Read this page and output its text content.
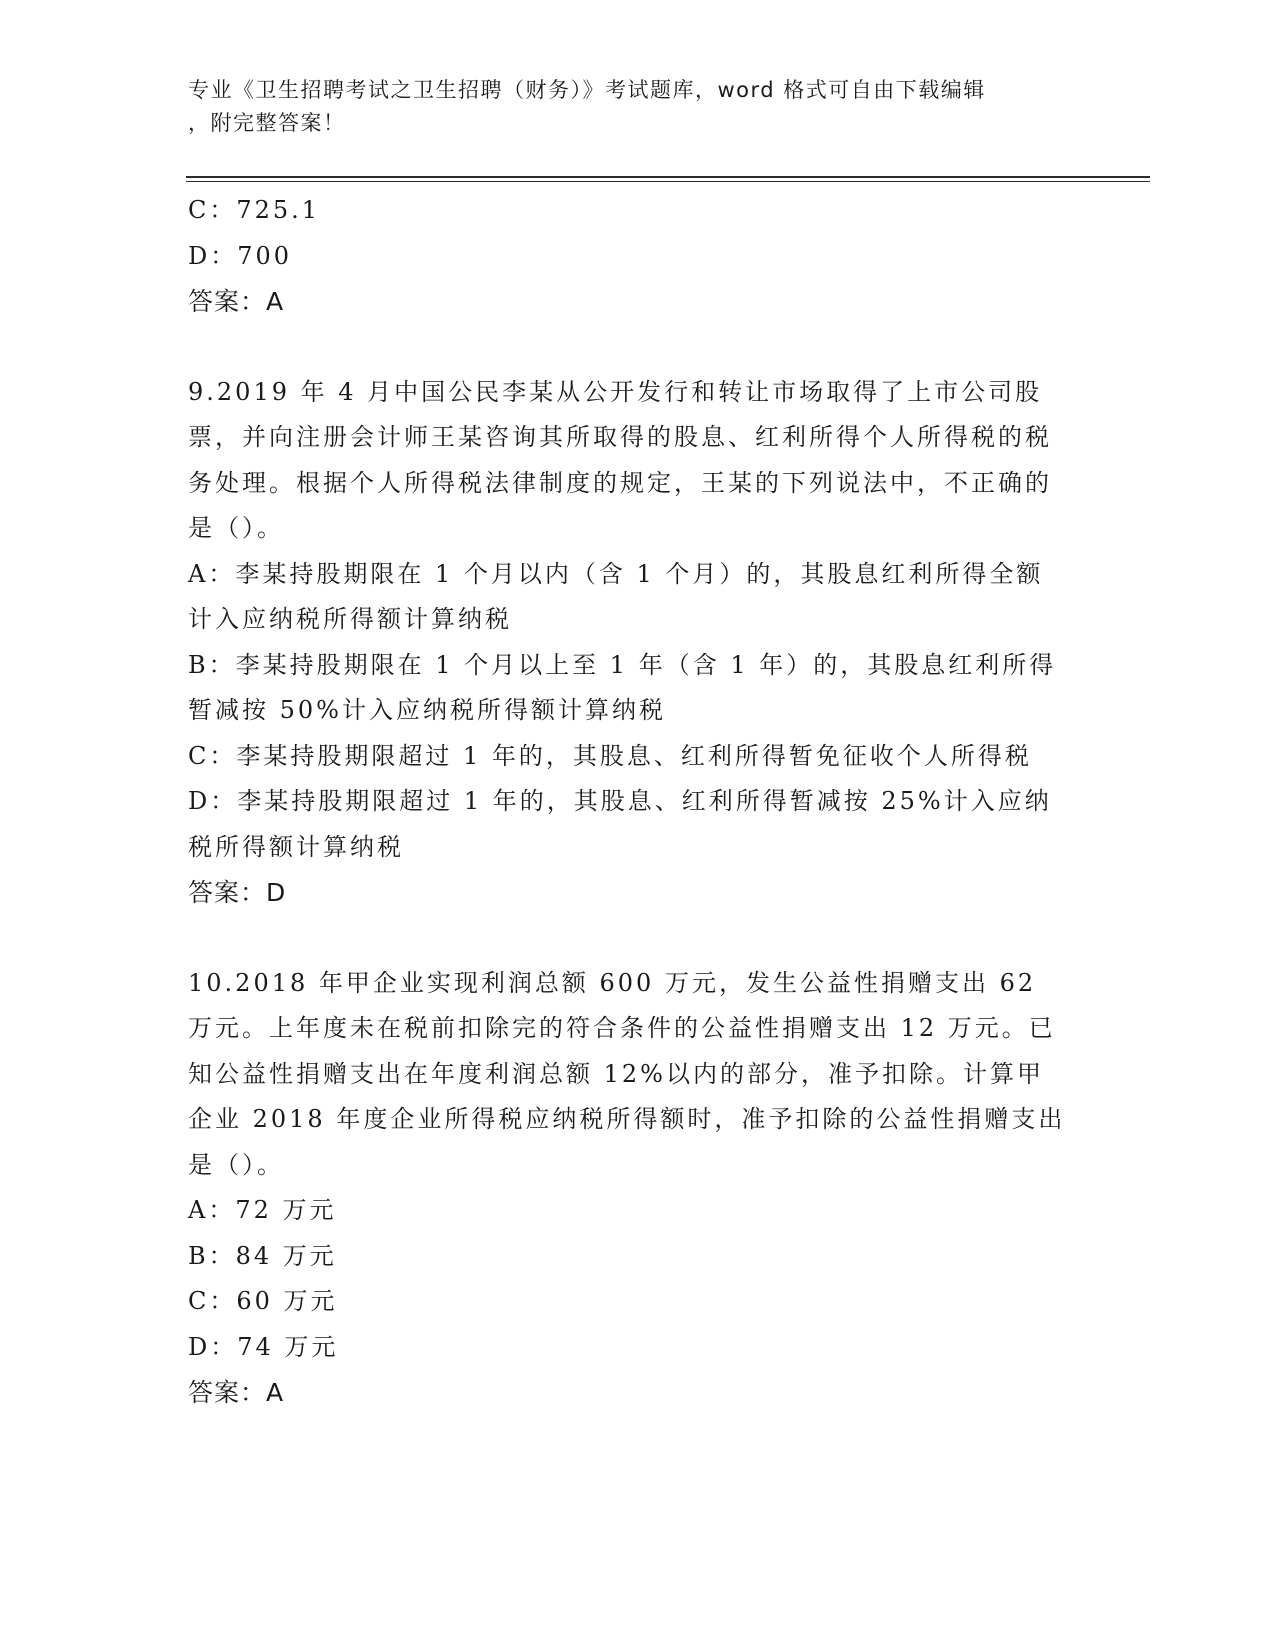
专业《卫生招聘考试之卫生招聘（财务）》考试题库，word 格式可自由下载编辑
，附完整答案！

C：725.1

D：700

答案：A

9.2019 年 4 月中国公民李某从公开发行和转让市场取得了上市公司股票，并向注册会计师王某咨询其所取得的股息、红利所得个人所得税的税务处理。根据个人所得税法律制度的规定，王某的下列说法中，不正确的是（）。

A：李某持股期限在 1 个月以内（含 1 个月）的，其股息红利所得全额计入应纳税所得额计算纳税

B：李某持股期限在 1 个月以上至 1 年（含 1 年）的，其股息红利所得暂减按 50%计入应纳税所得额计算纳税

C：李某持股期限超过 1 年的，其股息、红利所得暂免征收个人所得税

D：李某持股期限超过 1 年的，其股息、红利所得暂减按 25%计入应纳税所得额计算纳税

答案：D

10.2018 年甲企业实现利润总额 600 万元，发生公益性捐赠支出 62 万元。上年度未在税前扣除完的符合条件的公益性捐赠支出 12 万元。已知公益性捐赠支出在年度利润总额 12%以内的部分，准予扣除。计算甲企业 2018 年度企业所得税应纳税所得额时，准予扣除的公益性捐赠支出是（）。

A：72 万元

B：84 万元

C：60 万元

D：74 万元

答案：A
